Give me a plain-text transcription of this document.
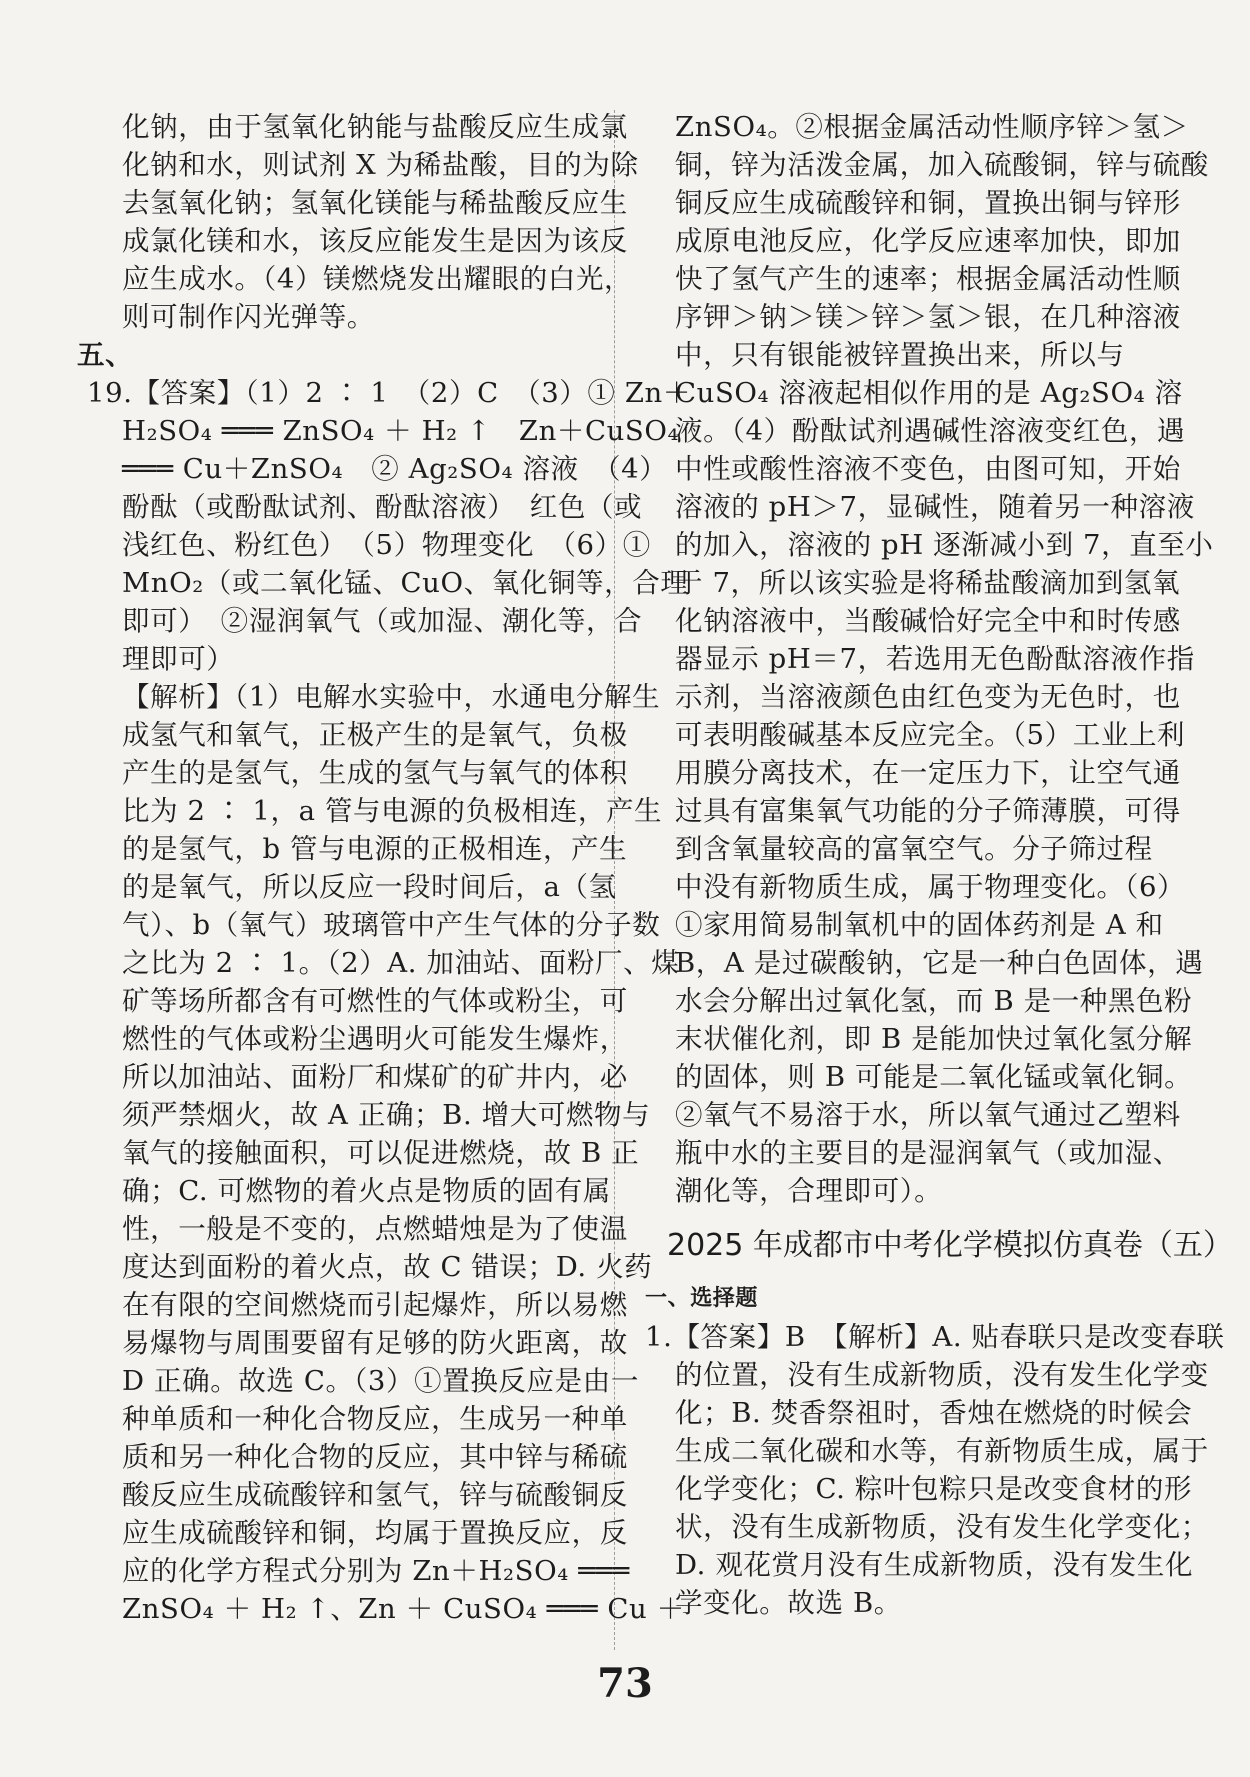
化钠，由于氢氧化钠能与盐酸反应生成氯
化钠和水，则试剂 X 为稀盐酸，目的为除
去氢氧化钠；氢氧化镁能与稀盐酸反应生
成氯化镁和水，该反应能发生是因为该反
应生成水。（4）镁燃烧发出耀眼的白光，
则可制作闪光弹等。
五、
19.【答案】（1）2 ∶ 1　（2）C　（3）① Zn＋
H₂SO₄ ═══ ZnSO₄ ＋ H₂ ↑　Zn＋CuSO₄
═══ Cu＋ZnSO₄　② Ag₂SO₄ 溶液　（4）
酚酞（或酚酞试剂、酚酞溶液）　红色（或
浅红色、粉红色）　（5）物理变化　（6）①
MnO₂（或二氧化锰、CuO、氧化铜等，合理
即可）　②湿润氧气（或加湿、潮化等，合
理即可）
【解析】（1）电解水实验中，水通电分解生
成氢气和氧气，正极产生的是氧气，负极
产生的是氢气，生成的氢气与氧气的体积
比为 2 ∶ 1，a 管与电源的负极相连，产生
的是氢气，b 管与电源的正极相连，产生
的是氧气，所以反应一段时间后，a（氢
气）、b（氧气）玻璃管中产生气体的分子数
之比为 2 ∶ 1。（2）A. 加油站、面粉厂、煤
矿等场所都含有可燃性的气体或粉尘，可
燃性的气体或粉尘遇明火可能发生爆炸，
所以加油站、面粉厂和煤矿的矿井内，必
须严禁烟火，故 A 正确；B. 增大可燃物与
氧气的接触面积，可以促进燃烧，故 B 正
确；C. 可燃物的着火点是物质的固有属
性，一般是不变的，点燃蜡烛是为了使温
度达到面粉的着火点，故 C 错误；D. 火药
在有限的空间燃烧而引起爆炸，所以易燃
易爆物与周围要留有足够的防火距离，故
D 正确。故选 C。（3）①置换反应是由一
种单质和一种化合物反应，生成另一种单
质和另一种化合物的反应，其中锌与稀硫
酸反应生成硫酸锌和氢气，锌与硫酸铜反
应生成硫酸锌和铜，均属于置换反应，反
应的化学方程式分别为 Zn＋H₂SO₄ ═══
ZnSO₄ ＋ H₂ ↑、Zn ＋ CuSO₄ ═══ Cu ＋
ZnSO₄。②根据金属活动性顺序锌＞氢＞
铜，锌为活泼金属，加入硫酸铜，锌与硫酸
铜反应生成硫酸锌和铜，置换出铜与锌形
成原电池反应，化学反应速率加快，即加
快了氢气产生的速率；根据金属活动性顺
序钾＞钠＞镁＞锌＞氢＞银，在几种溶液
中，只有银能被锌置换出来，所以与
CuSO₄ 溶液起相似作用的是 Ag₂SO₄ 溶
液。（4）酚酞试剂遇碱性溶液变红色，遇
中性或酸性溶液不变色，由图可知，开始
溶液的 pH＞7，显碱性，随着另一种溶液
的加入，溶液的 pH 逐渐减小到 7，直至小
于 7，所以该实验是将稀盐酸滴加到氢氧
化钠溶液中，当酸碱恰好完全中和时传感
器显示 pH＝7，若选用无色酚酞溶液作指
示剂，当溶液颜色由红色变为无色时，也
可表明酸碱基本反应完全。（5）工业上利
用膜分离技术，在一定压力下，让空气通
过具有富集氧气功能的分子筛薄膜，可得
到含氧量较高的富氧空气。分子筛过程
中没有新物质生成，属于物理变化。（6）
①家用简易制氧机中的固体药剂是 A 和
B，A 是过碳酸钠，它是一种白色固体，遇
水会分解出过氧化氢，而 B 是一种黑色粉
末状催化剂，即 B 是能加快过氧化氢分解
的固体，则 B 可能是二氧化锰或氧化铜。
②氧气不易溶于水，所以氧气通过乙塑料
瓶中水的主要目的是湿润氧气（或加湿、
潮化等，合理即可）。
2025 年成都市中考化学模拟仿真卷（五）
一、选择题
1.【答案】B　【解析】A. 贴春联只是改变春联
的位置，没有生成新物质，没有发生化学变
化；B. 焚香祭祖时，香烛在燃烧的时候会
生成二氧化碳和水等，有新物质生成，属于
化学变化；C. 粽叶包粽只是改变食材的形
状，没有生成新物质，没有发生化学变化；
D. 观花赏月没有生成新物质，没有发生化
学变化。故选 B。
73
